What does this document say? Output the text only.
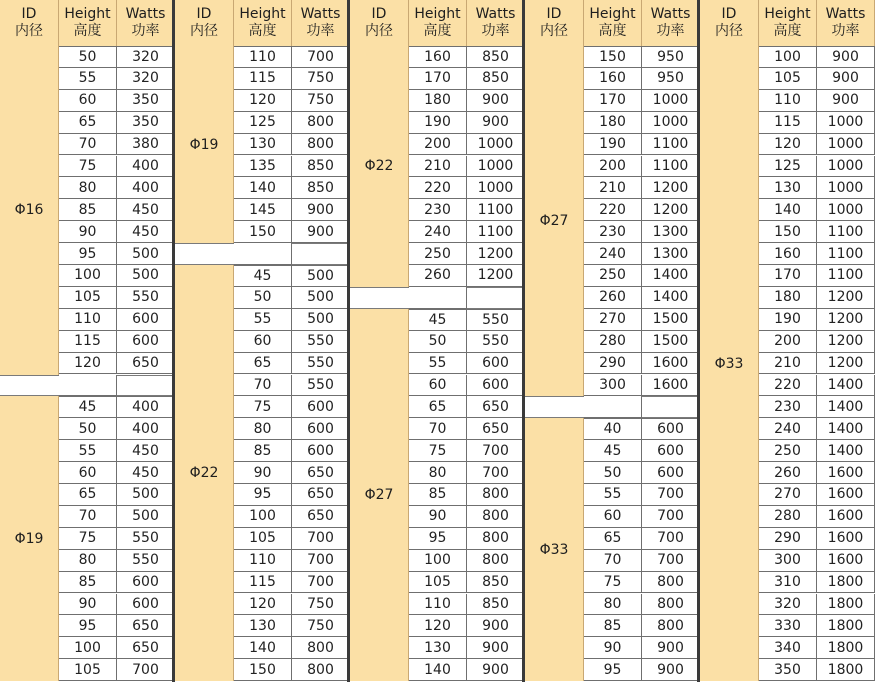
ID
内径
Height
高度
Watts
功率
Φ16
50	320
55	320
60	350
65	350
70	380
75	400
80	400
85	450
90	450
95	500
100	500
105	550
110	600
115	600
120	650
Φ19
45	400
50	400
55	450
60	450
65	500
70	500
75	550
80	550
85	600
90	600
95	650
100	650
105	700
ID
内径
Height
高度
Watts
功率
Φ19
110	700
115	750
120	750
125	800
130	800
135	850
140	850
145	900
150	900
Φ22
45	500
50	500
55	500
60	550
65	550
70	550
75	600
80	600
85	600
90	650
95	650
100	650
105	700
110	700
115	700
120	750
130	750
140	800
150	800
ID
内径
Height
高度
Watts
功率
Φ22
160	850
170	850
180	900
190	900
200	1000
210	1000
220	1000
230	1100
240	1100
250	1200
260	1200
Φ27
45	550
50	550
55	600
60	600
65	650
70	650
75	700
80	700
85	800
90	800
95	800
100	800
105	850
110	850
120	900
130	900
140	900
ID
内径
Height
高度
Watts
功率
Φ27
150	950
160	950
170	1000
180	1000
190	1100
200	1100
210	1200
220	1200
230	1300
240	1300
250	1400
260	1400
270	1500
280	1500
290	1600
300	1600
Φ33
40	600
45	600
50	600
55	700
60	700
65	700
70	700
75	800
80	800
85	800
90	900
95	900
ID
内径
Height
高度
Watts
功率
Φ33
100	900
105	900
110	900
115	1000
120	1000
125	1000
130	1000
140	1000
150	1100
160	1100
170	1100
180	1200
190	1200
200	1200
210	1200
220	1400
230	1400
240	1400
250	1400
260	1600
270	1600
280	1600
290	1600
300	1600
310	1800
320	1800
330	1800
340	1800
350	1800
